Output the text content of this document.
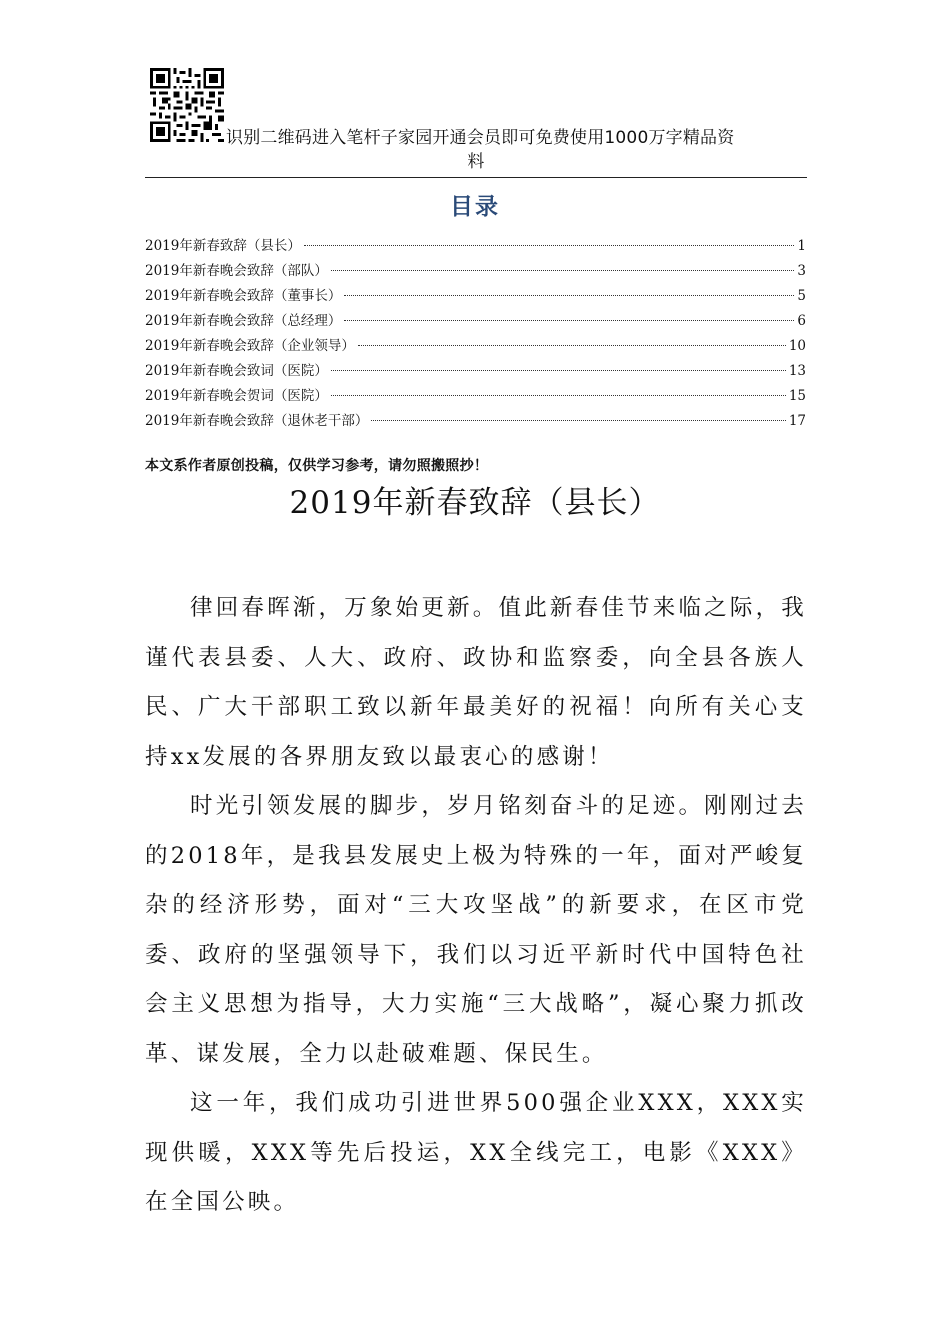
识别二维码进入笔杆子家园开通会员即可免费使用1000万字精品资
料
目录
2019年新春致辞（县长）	1
2019年新春晚会致辞（部队）	3
2019年新春晚会致辞（董事长）	5
2019年新春晚会致辞（总经理）	6
2019年新春晚会致辞（企业领导）	10
2019年新春晚会致词（医院）	13
2019年新春晚会贺词（医院）	15
2019年新春晚会致辞（退休老干部）	17
本文系作者原创投稿，仅供学习参考，请勿照搬照抄！
2019年新春致辞（县长）

律回春晖渐，万象始更新。值此新春佳节来临之际，我谨代表县委、人大、政府、政协和监察委，向全县各族人民、广大干部职工致以新年最美好的祝福！向所有关心支持xx发展的各界朋友致以最衷心的感谢！

时光引领发展的脚步，岁月铭刻奋斗的足迹。刚刚过去的2018年，是我县发展史上极为特殊的一年，面对严峻复杂的经济形势，面对“三大攻坚战”的新要求，在区市党委、政府的坚强领导下，我们以习近平新时代中国特色社会主义思想为指导，大力实施“三大战略”，凝心聚力抓改革、谋发展，全力以赴破难题、保民生。

这一年，我们成功引进世界500强企业XXX，XXX实现供暖，XXX等先后投运，XX全线完工，电影《XXX》在全国公映。
